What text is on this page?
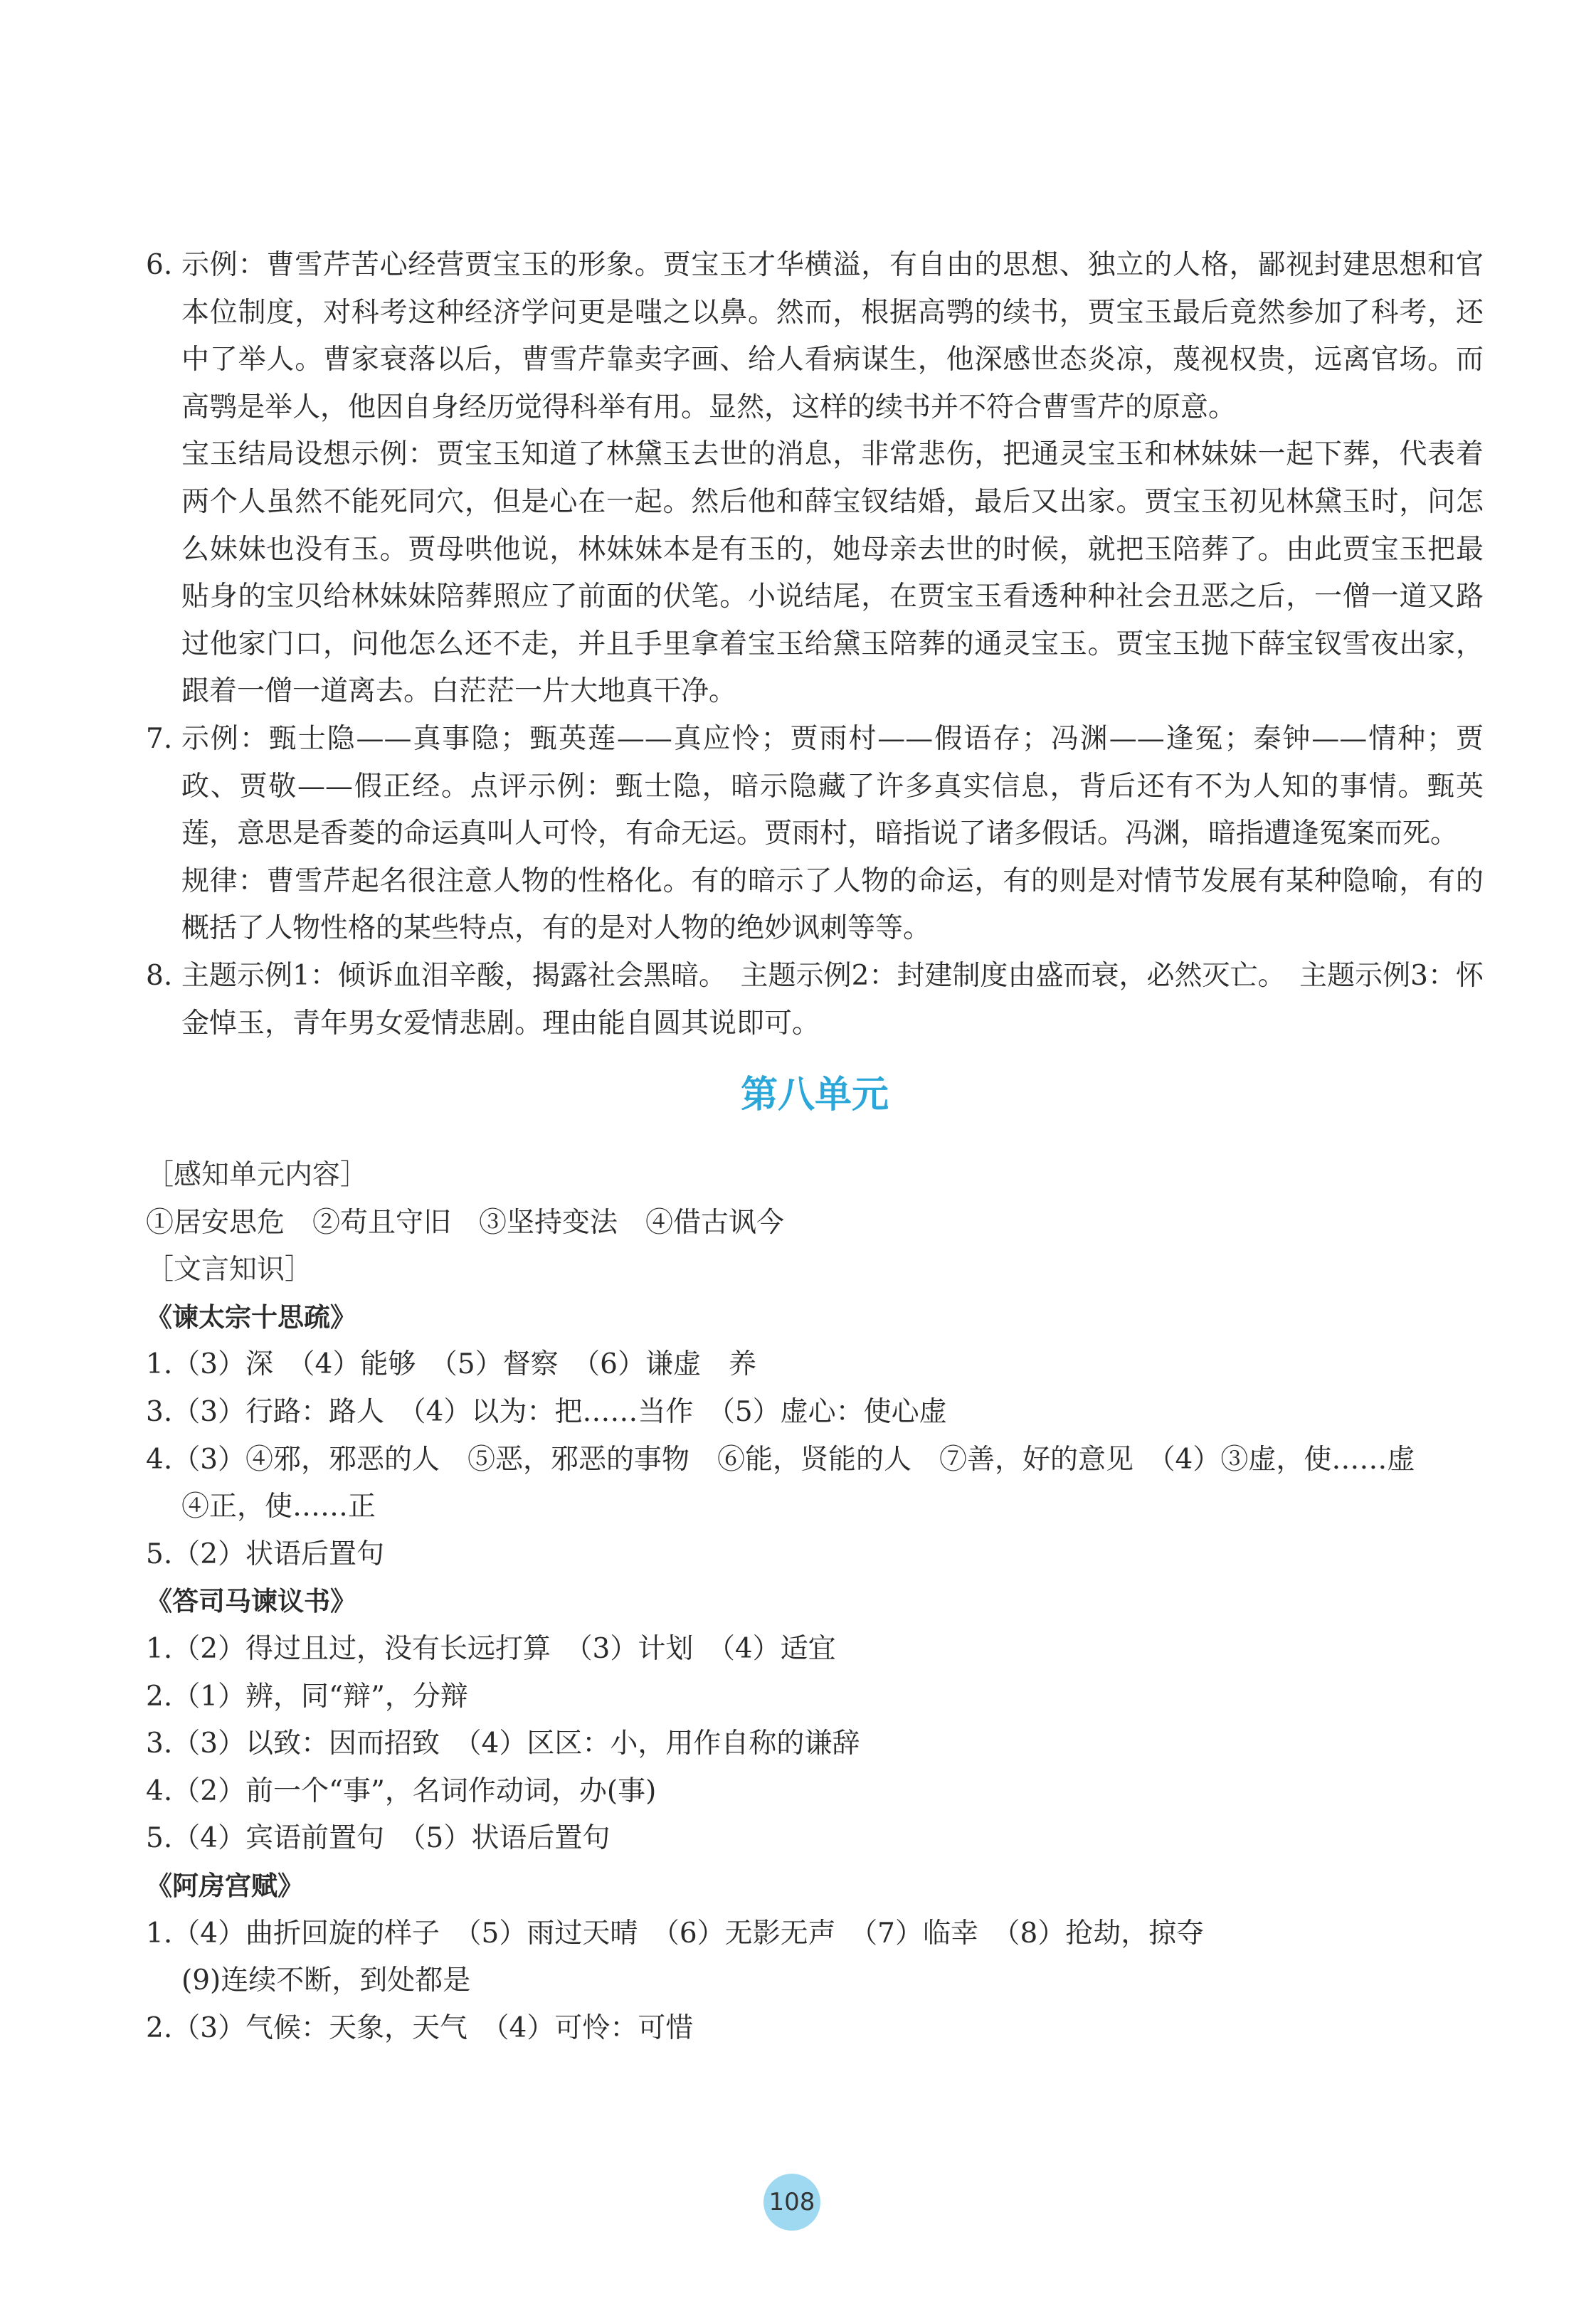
6. 示例：曹雪芹苦心经营贾宝玉的形象。贾宝玉才华横溢，有自由的思想、独立的人格，鄙视封建思想和官本位制度，对科考这种经济学问更是嗤之以鼻。然而，根据高鹗的续书，贾宝玉最后竟然参加了科考，还中了举人。曹家衰落以后，曹雪芹靠卖字画、给人看病谋生，他深感世态炎凉，蔑视权贵，远离官场。而高鹗是举人，他因自身经历觉得科举有用。显然，这样的续书并不符合曹雪芹的原意。

宝玉结局设想示例：贾宝玉知道了林黛玉去世的消息，非常悲伤，把通灵宝玉和林妹妹一起下葬，代表着两个人虽然不能死同穴，但是心在一起。然后他和薛宝钗结婚，最后又出家。贾宝玉初见林黛玉时，问怎么妹妹也没有玉。贾母哄他说，林妹妹本是有玉的，她母亲去世的时候，就把玉陪葬了。由此贾宝玉把最贴身的宝贝给林妹妹陪葬照应了前面的伏笔。小说结尾，在贾宝玉看透种种社会丑恶之后，一僧一道又路过他家门口，问他怎么还不走，并且手里拿着宝玉给黛玉陪葬的通灵宝玉。贾宝玉抛下薛宝钗雪夜出家，跟着一僧一道离去。白茫茫一片大地真干净。

7. 示例：甄士隐——真事隐；甄英莲——真应怜；贾雨村——假语存；冯渊——逢冤；秦钟——情种；贾政、贾敬——假正经。点评示例：甄士隐，暗示隐藏了许多真实信息，背后还有不为人知的事情。甄英莲，意思是香菱的命运真叫人可怜，有命无运。贾雨村，暗指说了诸多假话。冯渊，暗指遭逢冤案而死。

规律：曹雪芹起名很注意人物的性格化。有的暗示了人物的命运，有的则是对情节发展有某种隐喻，有的概括了人物性格的某些特点，有的是对人物的绝妙讽刺等等。

8. 主题示例1：倾诉血泪辛酸，揭露社会黑暗。　主题示例2：封建制度由盛而衰，必然灭亡。　主题示例3：怀金悼玉，青年男女爱情悲剧。理由能自圆其说即可。

第八单元

［感知单元内容］

①居安思危　②苟且守旧　③坚持变法　④借古讽今

［文言知识］

《谏太宗十思疏》

1.（3）深　（4）能够　（5）督察　（6）谦虚　养

3.（3）行路：路人　（4）以为：把……当作　（5）虚心：使心虚

4.（3）④邪，邪恶的人　⑤恶，邪恶的事物　⑥能，贤能的人　⑦善，好的意见　（4）③虚，使……虚

④正，使……正

5.（2）状语后置句

《答司马谏议书》

1.（2）得过且过，没有长远打算　（3）计划　（4）适宜

2.（1）辨，同“辩”，分辩

3.（3）以致：因而招致　（4）区区：小，用作自称的谦辞

4.（2）前一个“事”，名词作动词，办(事)

5.（4）宾语前置句　（5）状语后置句

《阿房宫赋》

1.（4）曲折回旋的样子　（5）雨过天晴　（6）无影无声　（7）临幸　（8）抢劫，掠夺

(9)连续不断，到处都是

2.（3）气候：天象，天气　（4）可怜：可惜

108
